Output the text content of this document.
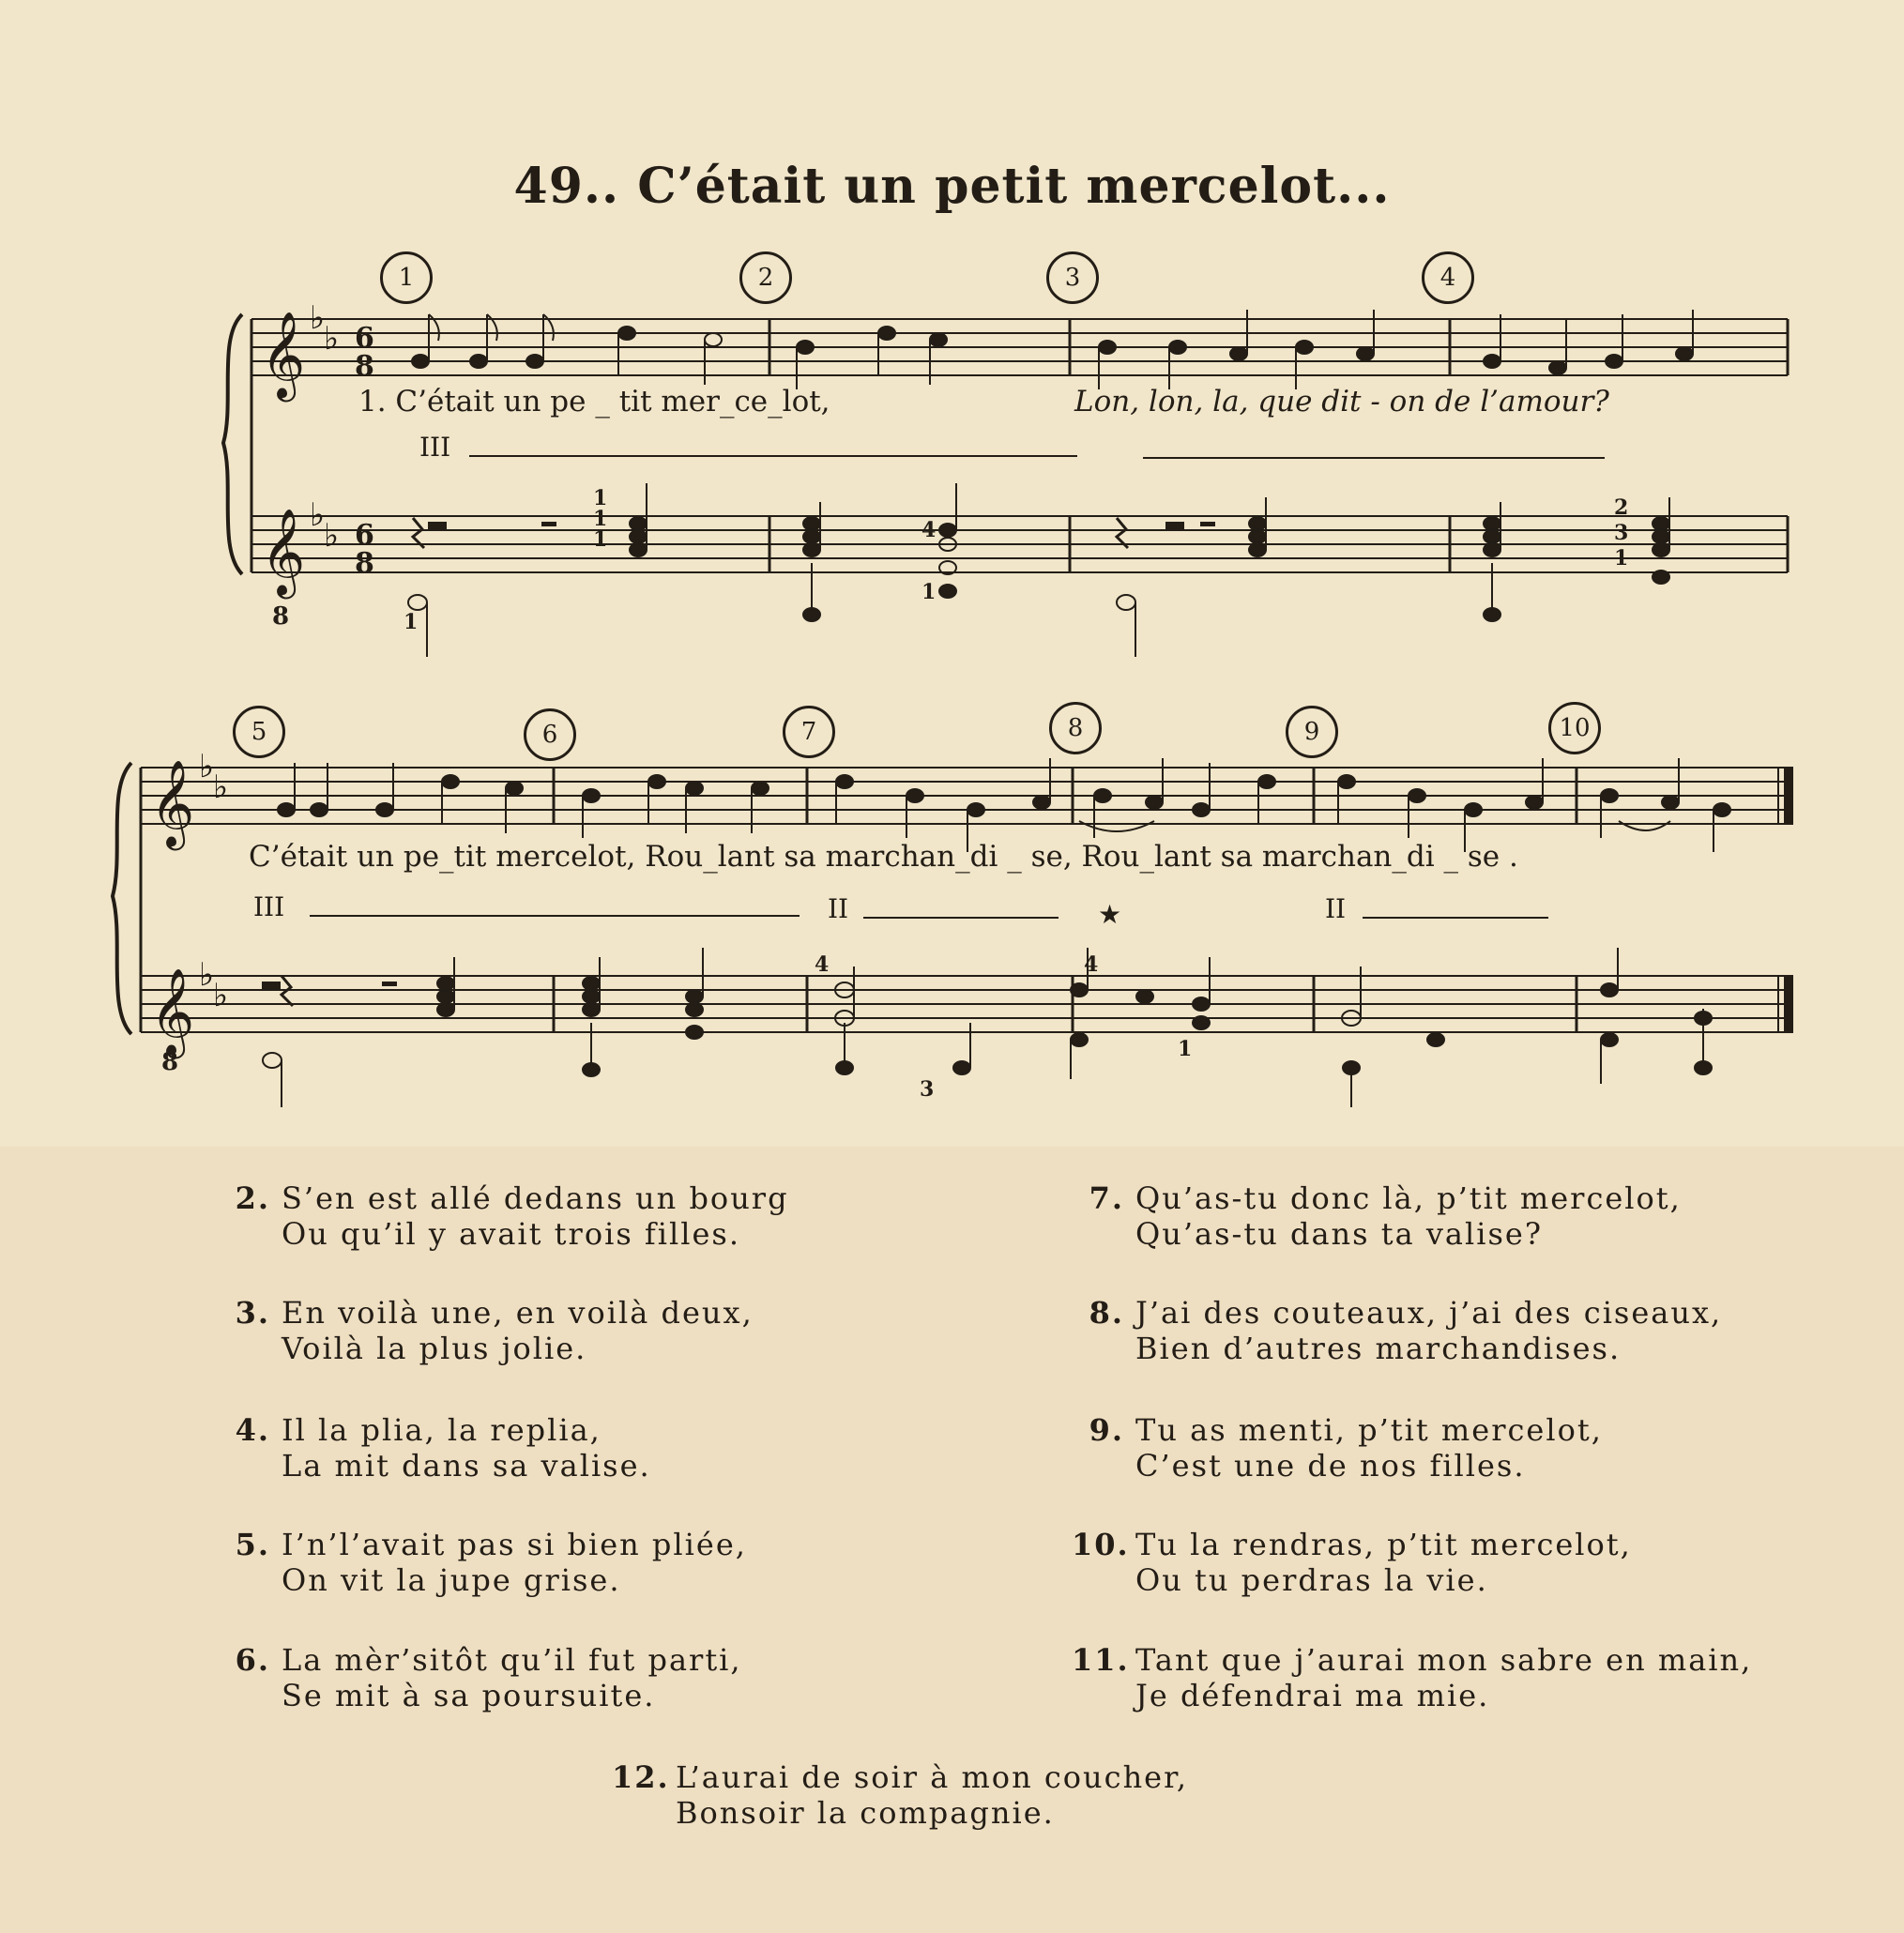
49.. C’était un petit mercelot...
1	2	3	4
5	6	7	8	9	10
𝄞
𝄞
𝄞
𝄞
♭
♭
♭
♭
♭
♭
♭
♭
6
8
6
8
8
8
1
1
1	4
1
1
2
3
1
4
3
4
1
1. C’était un pe _ tit mer_ce_lot,	Lon, lon, la, que dit - on de l’amour?
III
C’était un pe_tit mercelot, Rou_lant sa marchan_di _ se, Rou_lant sa marchan_di _ se .
III	II	★	II
2. S’en est allé dedans un bourg
Ou qu’il y avait trois filles.
3. En voilà une, en voilà deux,
Voilà la plus jolie.
4. Il la plia, la replia,
La mit dans sa valise.
5. I’n’l’avait pas si bien pliée,
On vit la jupe grise.
6. La mèr’sitôt qu’il fut parti,
Se mit à sa poursuite.
7. Qu’as-tu donc là, p’tit mercelot,
Qu’as-tu dans ta valise?
8. J’ai des couteaux, j’ai des ciseaux,
Bien d’autres marchandises.
9. Tu as menti, p’tit mercelot,
C’est une de nos filles.
10. Tu la rendras, p’tit mercelot,
Ou tu perdras la vie.
11. Tant que j’aurai mon sabre en main,
Je défendrai ma mie.
12. L’aurai de soir à mon coucher,
Bonsoir la compagnie.
